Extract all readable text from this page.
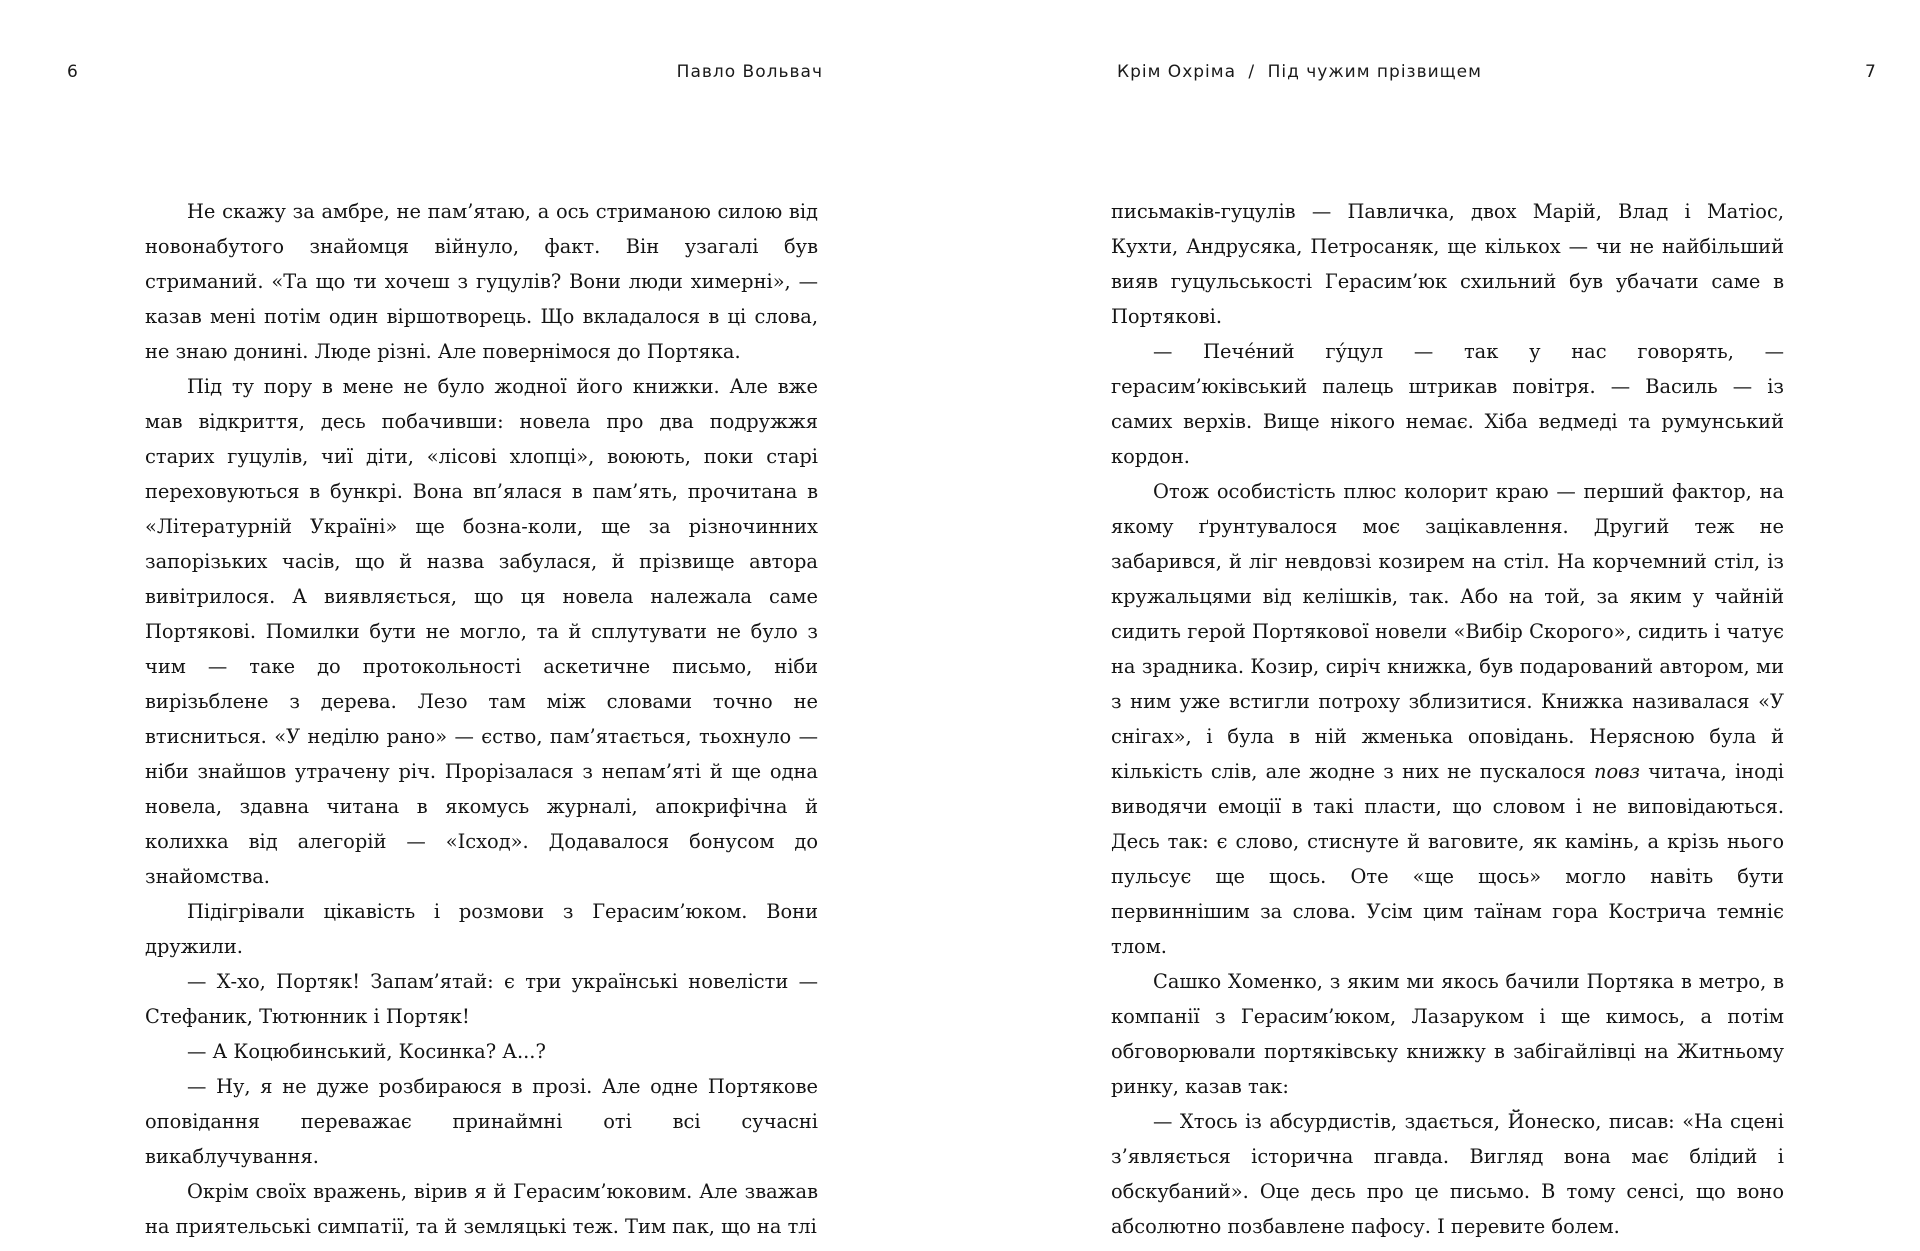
6	Павло Вольвач	Крім Охріма / Під чужим прізвищем	7

Не скажу за амбре, не пам’ятаю, а ось стриманою силою від новонабутого знайомця війнуло, факт. Він узагалі був стриманий. «Та що ти хочеш з гуцулів? Вони люди химерні», — казав мені потім один віршотворець. Що вкладалося в ці слова, не знаю донині. Люде різні. Але повернімося до Портяка.

Під ту пору в мене не було жодної його книжки. Але вже мав відкриття, десь побачивши: новела про два подружжя старих гуцулів, чиї діти, «лісові хлопці», воюють, поки старі переховуються в бункрі. Вона вп’ялася в пам’ять, прочитана в «Літературній Україні» ще бозна-коли, ще за різночинних запорізьких часів, що й назва забулася, й прізвище автора вивітрилося. А виявляється, що ця новела належала саме Портякові. Помилки бути не могло, та й сплутувати не було з чим — таке до протокольності аскетичне письмо, ніби вирізьблене з дерева. Лезо там між словами точно не втисниться. «У неділю рано» — єство, пам’ятається, тьохнуло — ніби знайшов утрачену річ. Прорізалася з непам’яті й ще одна новела, здавна читана в якомусь журналі, апокрифічна й колихка від алегорій — «Ісход». Додавалося бонусом до знайомства.

Підігрівали цікавість і розмови з Герасим’юком. Вони дружили.

— Х-хо, Портяк! Запам’ятай: є три українські новелісти — Стефаник, Тютюнник і Портяк!

— А Коцюбинський, Косинка? А...?

— Ну, я не дуже розбираюся в прозі. Але одне Портякове оповідання переважає принаймні оті всі сучасні викаблучування.

Окрім своїх вражень, вірив я й Герасим’юковим. Але зважав на приятельські симпатії, та й земляцькі теж. Тим пак, що на тлі

письмаків-гуцулів — Павличка, двох Марій, Влад і Матіос, Кухти, Андрусяка, Петросаняк, ще кількох — чи не найбільший вияв гуцульськості Герасим’юк схильний був убачати саме в Портякові.

— Пече́ний гу́цул — так у нас говорять, — герасим’юківський палець штрикав повітря. — Василь — із самих верхів. Вище нікого немає. Хіба ведмеді та румунський кордон.

Отож особистість плюс колорит краю — перший фактор, на якому ґрунтувалося моє зацікавлення. Другий теж не забарився, й ліг невдовзі козирем на стіл. На корчемний стіл, із кружальцями від келішків, так. Або на той, за яким у чайній сидить герой Портякової новели «Вибір Скорого», сидить і чатує на зрадника. Козир, сиріч книжка, був подарований автором, ми з ним уже встигли потроху зблизитися. Книжка називалася «У снігах», і була в ній жменька оповідань. Нерясною була й кількість слів, але жодне з них не пускалося повз читача, іноді виводячи емоції в такі пласти, що словом і не виповідаються. Десь так: є слово, стиснуте й ваговите, як камінь, а крізь нього пульсує ще щось. Оте «ще щось» могло навіть бути первиннішим за слова. Усім цим таїнам гора Кострича темніє тлом.

Сашко Хоменко, з яким ми якось бачили Портяка в метро, в компанії з Герасим’юком, Лазаруком і ще кимось, а потім обговорювали портяківську книжку в забігайлівці на Житньому ринку, казав так:

— Хтось із абсурдистів, здається, Йонеско, писав: «На сцені з’являється історична пгавда. Вигляд вона має блідий і обскубаний». Оце десь про це письмо. В тому сенсі, що воно абсолютно позбавлене пафосу. І перевите болем.
